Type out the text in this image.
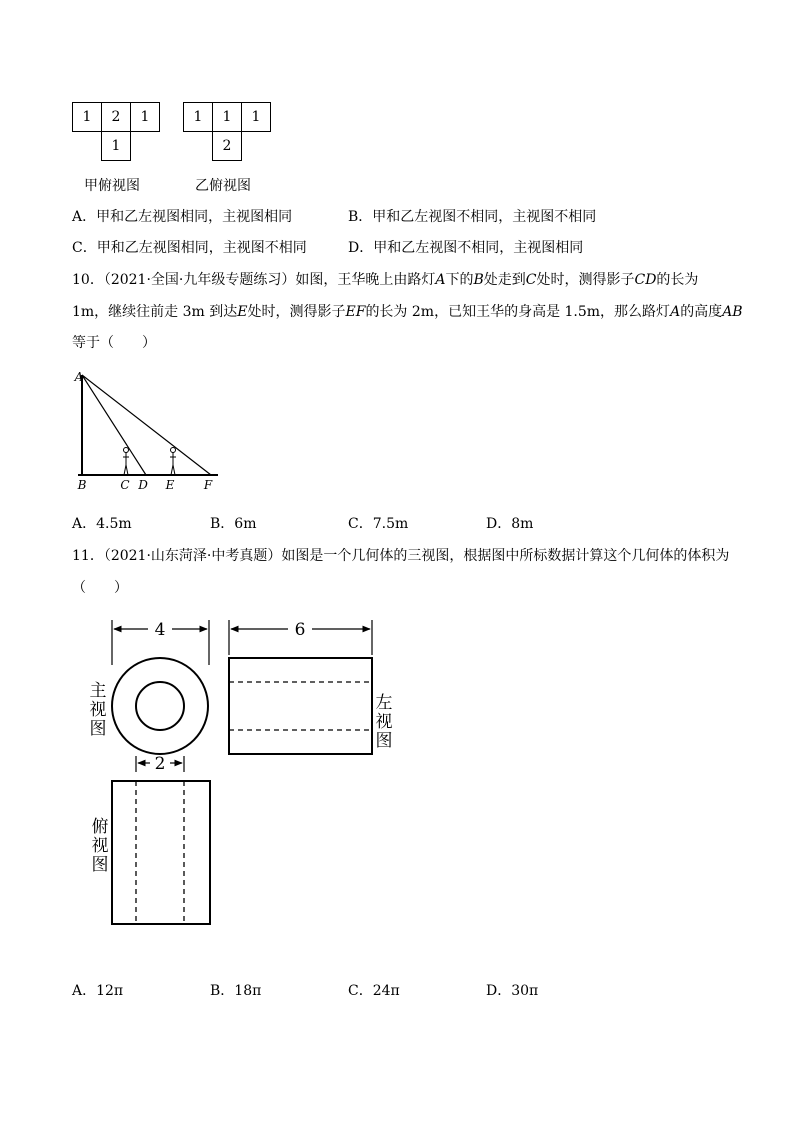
1	2	1
1
甲俯视图
1	1	1
2
乙俯视图
A．甲和乙左视图相同，主视图相同	B．甲和乙左视图不相同，主视图不相同
C．甲和乙左视图相同，主视图不相同	D．甲和乙左视图不相同，主视图相同
10．（2021·全国·九年级专题练习）如图，王华晚上由路灯A下的B处走到C处时，测得影子CD的长为
1m，继续往前走 3m 到达E处时，测得影子EF的长为 2m，已知王华的身高是 1.5m，那么路灯A的高度AB
等于（　　）
A
B	C D E F
A．4.5m	B．6m	C．7.5m	D．8m
11．（2021·山东菏泽·中考真题）如图是一个几何体的三视图，根据图中所标数据计算这个几何体的体积为
（　　）
4	6
2
主
视
图
左
视
图
俯
视
图
A．12π	B．18π	C．24π	D．30π
